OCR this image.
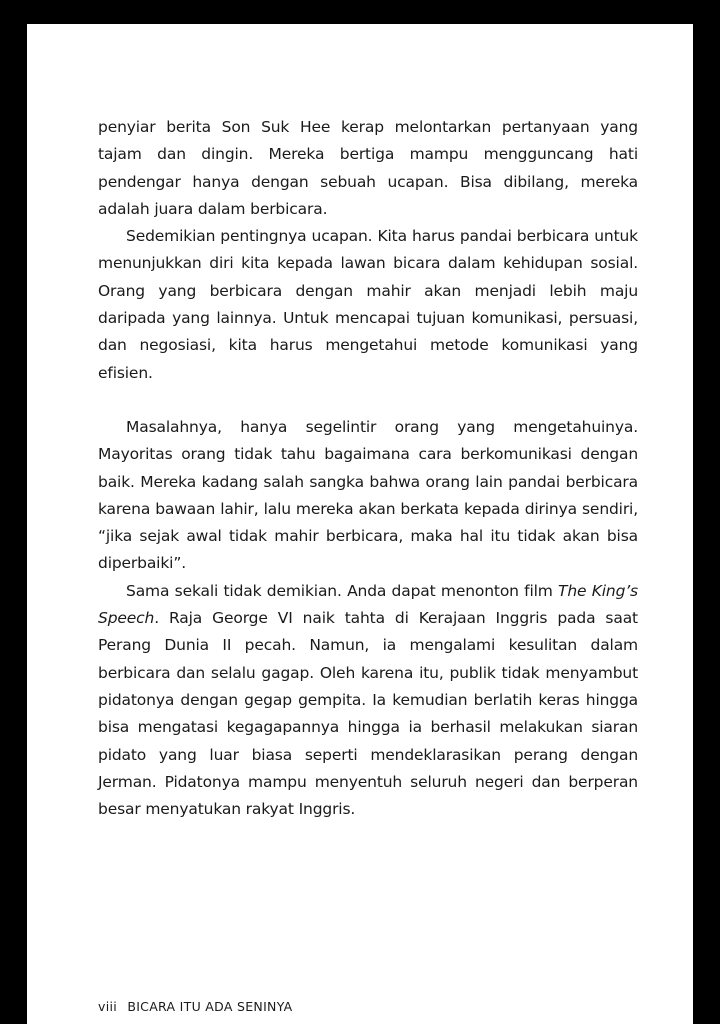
penyiar berita Son Suk Hee kerap melontarkan pertanyaan yang tajam dan dingin. Mereka bertiga mampu mengguncang hati pendengar hanya dengan sebuah ucapan. Bisa dibilang, mereka adalah juara dalam berbicara.

Sedemikian pentingnya ucapan. Kita harus pandai berbicara untuk menunjukkan diri kita kepada lawan bicara dalam kehidupan sosial. Orang yang berbicara dengan mahir akan menjadi lebih maju daripada yang lainnya. Untuk mencapai tujuan komunikasi, persuasi, dan negosiasi, kita harus mengetahui metode komunikasi yang efisien.

Masalahnya, hanya segelintir orang yang mengetahuinya. Mayoritas orang tidak tahu bagaimana cara berkomunikasi dengan baik. Mereka kadang salah sangka bahwa orang lain pandai berbicara karena bawaan lahir, lalu mereka akan berkata kepada dirinya sendiri, “jika sejak awal tidak mahir berbicara, maka hal itu tidak akan bisa diperbaiki”.

Sama sekali tidak demikian. Anda dapat menonton film The King’s Speech. Raja George VI naik tahta di Kerajaan Inggris pada saat Perang Dunia II pecah. Namun, ia mengalami kesulitan dalam berbicara dan selalu gagap. Oleh karena itu, publik tidak menyambut pidatonya dengan gegap gempita. Ia kemudian berlatih keras hingga bisa mengatasi kegagapannya hingga ia berhasil melakukan siaran pidato yang luar biasa seperti mendeklarasikan perang dengan Jerman. Pidatonya mampu menyentuh seluruh negeri dan berperan besar menyatukan rakyat Inggris.

viii BICARA ITU ADA SENINYA
